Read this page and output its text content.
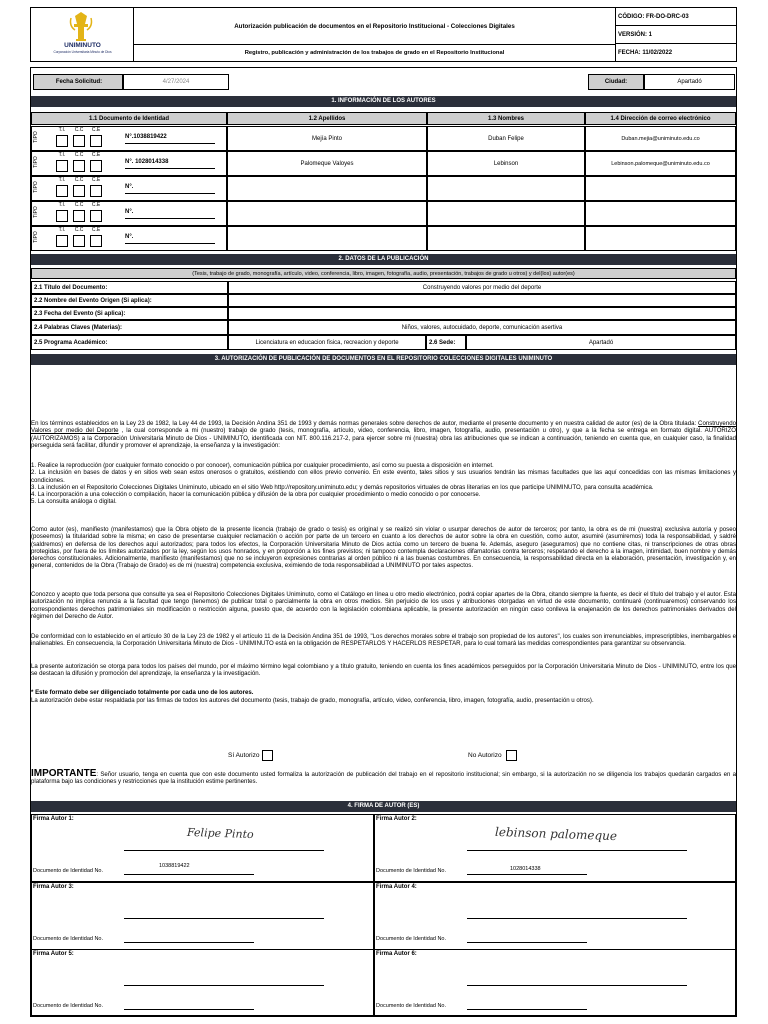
UNIMINUTO
Corporación Universitaria Minuto de Dios
Autorización publicación de documentos en el Repositorio Institucional - Colecciones Digitales
Registro, publicación y administración de los trabajos de grado en el Repositorio Institucional
CÓDIGO: FR-DO-DRC-03
VERSIÓN: 1
FECHA: 11/02/2022
Fecha Solicitud:	4/27/2024	Ciudad:	Apartadó
1. INFORMACIÓN DE LOS AUTORES
1.1 Documento de Identidad	1.2 Apellidos	1.3 Nombres	1.4 Dirección de correo electrónico
TIPO
T.I.	C.C	C.E
N°.1038819422	Mejía Pinto	Duban Felipe	Duban.mejia@uniminuto.edu.co
TIPO
T.I.	C.C	C.E
N°. 1028014338	Palomeque Valoyes	Lebinson	Lebinson.palomeque@uniminuto.edu.co
TIPO
T.I.	C.C	C.E
N°.
TIPO
T.I.	C.C	C.E
N°.
TIPO
T.I.	C.C	C.E
N°.
2. DATOS DE LA PUBLICACIÓN
(Tesis, trabajo de grado, monografía, artículo, video, conferencia, libro, imagen, fotografía, audio, presentación, trabajos de grado u otros) y del(los) autor(es)
2.1 Título del Documento:	Construyendo valores por medio del deporte
2.2 Nombre del Evento Origen (Si aplica):
2.3 Fecha del Evento (Si aplica):
2.4 Palabras Claves (Materias):	Niños, valores, autocuidado, deporte, comunicación asertiva
2.5 Programa Académico:	Licenciatura en educacion fisica, recreacion y deporte	2.6 Sede:	Apartadó
3. AUTORIZACIÓN DE PUBLICACIÓN DE DOCUMENTOS EN EL REPOSITORIO COLECCIONES DIGITALES UNIMINUTO
En los términos establecidos en la Ley 23 de 1982, la Ley 44 de 1993, la Decisión Andina 351 de 1993 y demás normas generales sobre derechos de autor, mediante el presente documento y en nuestra calidad de autor (es) de la Obra titulada: Construyendo Valores por medio del Deporte , la cual corresponde a mi (nuestro) trabajo de grado (tesis, monografía, artículo, video, conferencia, libro, imagen, fotografía, audio, presentación u otro), y que a la fecha se entrega en formato digital. AUTORIZO (AUTORIZAMOS) a la Corporación Universitaria Minuto de Dios - UNIMINUTO, identificada con NIT. 800.116.217-2, para ejercer sobre mi (nuestra) obra las atribuciones que se indican a continuación, teniendo en cuenta que, en cualquier caso, la finalidad perseguida será facilitar, difundir y promover el aprendizaje, la enseñanza y la investigación:
1. Realice la reproducción (por cualquier formato conocido o por conocer), comunicación pública por cualquier procedimiento, así como su puesta a disposición en internet.
2. La inclusión en bases de datos y en sitios web sean estos onerosos o gratuitos, existiendo con ellos previo convenio. En este evento, tales sitios y sus usuarios tendrán las mismas facultades que las aquí concedidas con las mismas limitaciones y condiciones.
3. La inclusión en el Repositorio Colecciones Digitales Uniminuto, ubicado en el sitio Web http://repository.uniminuto.edu; y demás repositorios virtuales de obras literarias en los que participe UNIMINUTO, para consulta académica.
4. La incorporación a una colección o compilación, hacer la comunicación pública y difusión de la obra por cualquier procedimiento o medio conocido o por conocerse.
5. La consulta análoga o digital.
Como autor (es), manifiesto (manifestamos) que la Obra objeto de la presente licencia (trabajo de grado o tesis) es original y se realizó sin violar o usurpar derechos de autor de terceros; por tanto, la obra es de mi (nuestra) exclusiva autoría y poseo (poseemos) la titularidad sobre la misma; en caso de presentarse cualquier reclamación o acción por parte de un tercero en cuanto a los derechos de autor sobre la obra en cuestión, como autor, asumiré (asumiremos) toda la responsabilidad, y saldré (saldremos) en defensa de los derechos aquí autorizados; para todos los efectos, la Corporación Universitaria Minuto de Dios actúa como un tercero de buena fe. Además, aseguro (aseguramos) que no contiene citas, ni transcripciones de otras obras protegidas, por fuera de los límites autorizados por la ley, según los usos honrados, y en proporción a los fines previstos; ni tampoco contempla declaraciones difamatorias contra terceros; respetando el derecho a la imagen, intimidad, buen nombre y demás derechos constitucionales. Adicionalmente, manifiesto (manifestamos) que no se incluyeron expresiones contrarias al orden público ni a las buenas costumbres. En consecuencia, la responsabilidad directa en la elaboración, presentación, investigación y, en general, contenidos de la Obra (Trabajo de Grado) es de mi (nuestra) competencia exclusiva, eximiendo de toda responsabilidad a UNIMINUTO por tales aspectos.
Conozco y acepto que toda persona que consulte ya sea el Repositorio Colecciones Digitales Uniminuto, como el Catálogo en línea u otro medio electrónico, podrá copiar apartes de la Obra, citando siempre la fuente, es decir el título del trabajo y el autor. Esta autorización no implica renuncia a la facultad que tengo (tenemos) de publicar total o parcialmente la obra en otros medios. Sin perjuicio de los usos y atribuciones otorgadas en virtud de este documento, continuaré (continuaremos) conservando los correspondientes derechos patrimoniales sin modificación o restricción alguna, puesto que, de acuerdo con la legislación colombiana aplicable, la presente autorización en ningún caso conlleva la enajenación de los derechos patrimoniales derivados del régimen del Derecho de Autor.
De conformidad con lo establecido en el artículo 30 de la Ley 23 de 1982 y el artículo 11 de la Decisión Andina 351 de 1993, "Los derechos morales sobre el trabajo son propiedad de los autores", los cuales son irrenunciables, imprescriptibles, inembargables e inalienables. En consecuencia, la Corporación Universitaria Minuto de Dios - UNIMINUTO está en la obligación de RESPETARLOS Y HACERLOS RESPETAR, para lo cual tomará las medidas correspondientes para garantizar su observancia.
La presente autorización se otorga para todos los países del mundo, por el máximo término legal colombiano y a título gratuito, teniendo en cuenta los fines académicos perseguidos por la Corporación Universitaria Minuto de Dios - UNIMINUTO, entre los que se destacan la difusión y promoción del aprendizaje, la enseñanza y la investigación.
* Este formato debe ser diligenciado totalmente por cada uno de los autores.
La autorización debe estar respaldada por las firmas de todos los autores del documento (tesis, trabajo de grado, monografía, artículo, video, conferencia, libro, imagen, fotografía, audio, presentación u otros).
Sí Autorizo	No Autorizo
IMPORTANTE: Señor usuario, tenga en cuenta que con este documento usted formaliza la autorización de publicación del trabajo en el repositorio institucional; sin embargo, si la autorización no se diligencia los trabajos quedarán cargados en a plataforma bajo las condiciones y restricciones que la institución estime pertinentes.
4. FIRMA DE AUTOR (ES)
Firma Autor 1:
Felipe Pinto
Documento de Identidad No.
1038819422
Firma Autor 2:
lebinson palomeque
Documento de Identidad No.	1028014338
Firma Autor 3:
Documento de Identidad No.
Firma Autor 4:
Documento de Identidad No.
Firma Autor 5:
Documento de Identidad No.
Firma Autor 6:
Documento de Identidad No.
